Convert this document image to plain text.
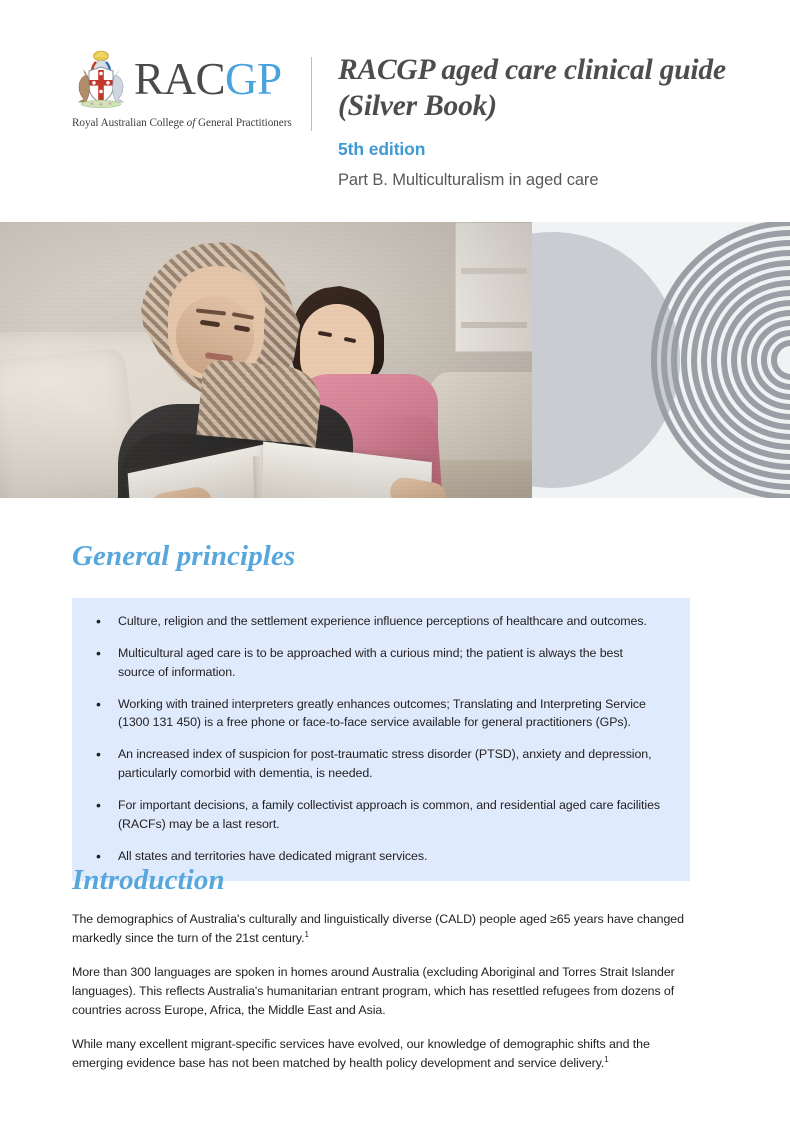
RACGP
Royal Australian College of General Practitioners
RACGP aged care clinical guide (Silver Book)
5th edition
Part B. Multiculturalism in aged care
General principles
• Culture, religion and the settlement experience influence perceptions of healthcare and outcomes.
• Multicultural aged care is to be approached with a curious mind; the patient is always the best source of information.
• Working with trained interpreters greatly enhances outcomes; Translating and Interpreting Service (1300 131 450) is a free phone or face-to-face service available for general practitioners (GPs).
• An increased index of suspicion for post-traumatic stress disorder (PTSD), anxiety and depression, particularly comorbid with dementia, is needed.
• For important decisions, a family collectivist approach is common, and residential aged care facilities (RACFs) may be a last resort.
• All states and territories have dedicated migrant services.
Introduction

The demographics of Australia's culturally and linguistically diverse (CALD) people aged ≥65 years have changed markedly since the turn of the 21st century.$^1$

More than 300 languages are spoken in homes around Australia (excluding Aboriginal and Torres Strait Islander languages). This reflects Australia's humanitarian entrant program, which has resettled refugees from dozens of countries across Europe, Africa, the Middle East and Asia.

While many excellent migrant-specific services have evolved, our knowledge of demographic shifts and the emerging evidence base has not been matched by health policy development and service delivery.$^1$
